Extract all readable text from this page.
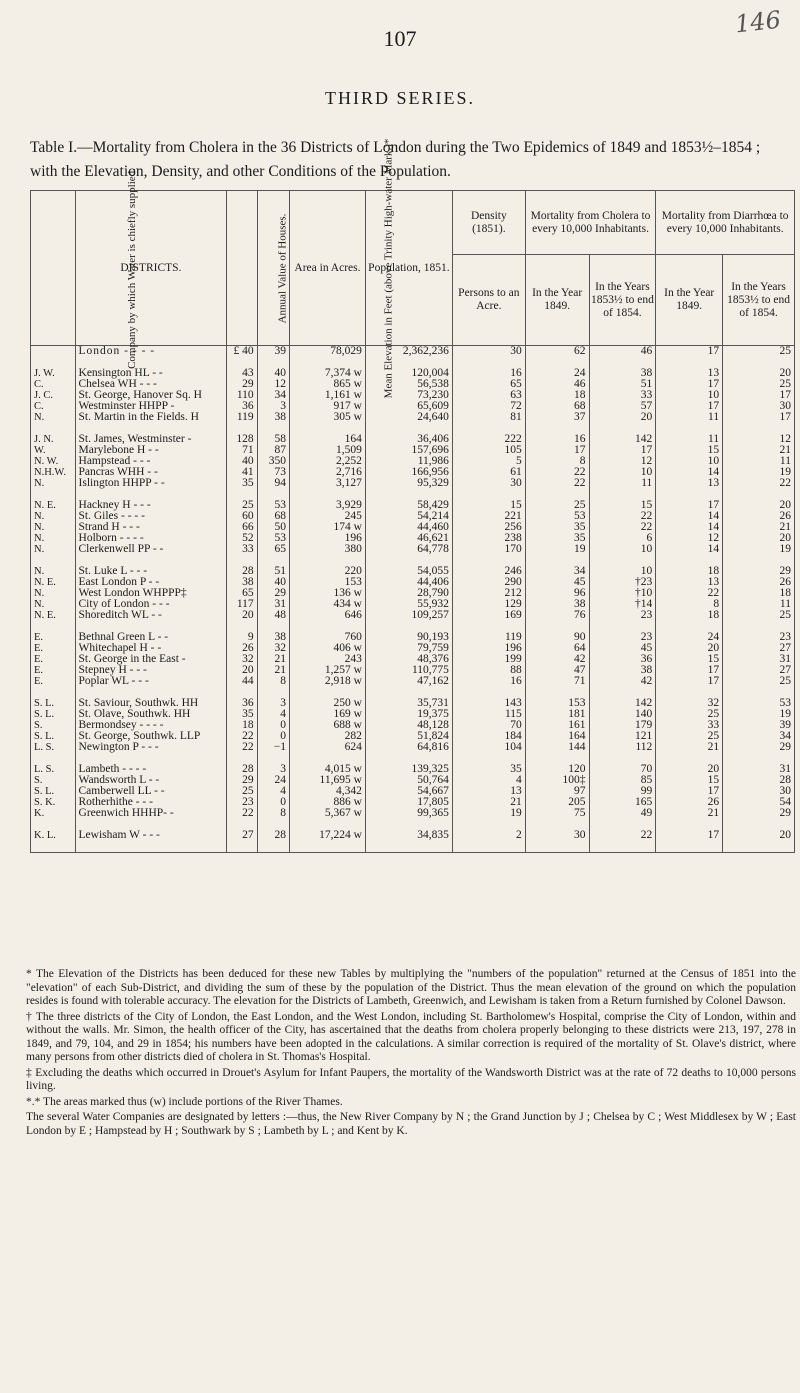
146
107
THIRD SERIES.
Table I.—Mortality from Cholera in the 36 Districts of London during the Two Epidemics of 1849 and 1853½–1854 ; with the Elevation, Density, and other Conditions of the Population.
Company by which Water is chiefly supplied.	DISTRICTS.	Annual Value of Houses.	Mean Elevation in Feet (above Trinity High-water Mark.)*	Area in Acres.	Population, 1851.	Density (1851).	Mortality from Cholera to every 10,000 Inhabitants.		Mortality from Diarrhœa to every 10,000 Inhabitants.	
						Persons to an Acre.	In the Year 1849.	In the Years 1853½ to end of 1854.	In the Year 1849.	In the Years 1853½ to end of 1854.
	London - - - -	£ 40	39	78,029	2,362,236	30	62	46	17	25

J. W.	Kensington HL - -	43	40	7,374 w	120,004	16	24	38	13	20
C.	Chelsea WH - - -	29	12	865 w	56,538	65	46	51	17	25
J. C.	St. George, Hanover Sq. H	110	34	1,161 w	73,230	63	18	33	10	17
C.	Westminster HHPP -	36	3	917 w	65,609	72	68	57	17	30
N.	St. Martin in the Fields. H	119	38	305 w	24,640	81	37	20	11	17

J. N.	St. James, Westminster -	128	58	164	36,406	222	16	142	11	12
W.	Marylebone H - -	71	87	1,509	157,696	105	17	17	15	21
N. W.	Hampstead - - -	40	350	2,252	11,986	5	8	12	10	11
N.H.W.	Pancras WHH - -	41	73	2,716	166,956	61	22	10	14	19
N.	Islington HHPP - -	35	94	3,127	95,329	30	22	11	13	22

N. E.	Hackney H - - -	25	53	3,929	58,429	15	25	15	17	20
N.	St. Giles - - - -	60	68	245	54,214	221	53	22	14	26
N.	Strand H - - -	66	50	174 w	44,460	256	35	22	14	21
N.	Holborn - - - -	52	53	196	46,621	238	35	6	12	20
N.	Clerkenwell PP - -	33	65	380	64,778	170	19	10	14	19

N.	St. Luke L - - -	28	51	220	54,055	246	34	10	18	29
N. E.	East London P - -	38	40	153	44,406	290	45	†23	13	26
N.	West London WHPPP‡	65	29	136 w	28,790	212	96	†10	22	18
N.	City of London - - -	117	31	434 w	55,932	129	38	†14	8	11
N. E.	Shoreditch WL - -	20	48	646	109,257	169	76	23	18	25

E.	Bethnal Green L - -	9	38	760	90,193	119	90	23	24	23
E.	Whitechapel H - -	26	32	406 w	79,759	196	64	45	20	27
E.	St. George in the East -	32	21	243	48,376	199	42	36	15	31
E.	Stepney H - - -	20	21	1,257 w	110,775	88	47	38	17	27
E.	Poplar WL - - -	44	8	2,918 w	47,162	16	71	42	17	25

S. L.	St. Saviour, Southwk. HH	36	3	250 w	35,731	143	153	142	32	53
S. L.	St. Olave, Southwk. HH	35	4	169 w	19,375	115	181	140	25	19
S.	Bermondsey - - - -	18	0	688 w	48,128	70	161	179	33	39
S. L.	St. George, Southwk. LLP	22	0	282	51,824	184	164	121	25	34
L. S.	Newington P - - -	22	−1	624	64,816	104	144	112	21	29

L. S.	Lambeth - - - -	28	3	4,015 w	139,325	35	120	70	20	31
S.	Wandsworth L - -	29	24	11,695 w	50,764	4	100‡	85	15	28
S. L.	Camberwell LL - -	25	4	4,342	54,667	13	97	99	17	30
S. K.	Rotherhithe - - -	23	0	886 w	17,805	21	205	165	26	54
K.	Greenwich HHHP- -	22	8	5,367 w	99,365	19	75	49	21	29

K. L.	Lewisham W - - -	27	28	17,224 w	34,835	2	30	22	17	20

* The Elevation of the Districts has been deduced for these new Tables by multiplying the "numbers of the population" returned at the Census of 1851 into the "elevation" of each Sub-District, and dividing the sum of these by the population of the District. Thus the mean elevation of the ground on which the population resides is found with tolerable accuracy. The elevation for the Districts of Lambeth, Greenwich, and Lewisham is taken from a Return furnished by Colonel Dawson.

† The three districts of the City of London, the East London, and the West London, including St. Bartholomew's Hospital, comprise the City of London, within and without the walls. Mr. Simon, the health officer of the City, has ascertained that the deaths from cholera properly belonging to these districts were 213, 197, 278 in 1849, and 79, 104, and 29 in 1854; his numbers have been adopted in the calculations. A similar correction is required of the mortality of St. Olave's district, where many persons from other districts died of cholera in St. Thomas's Hospital.

‡ Excluding the deaths which occurred in Drouet's Asylum for Infant Paupers, the mortality of the Wandsworth District was at the rate of 72 deaths to 10,000 persons living.

*.* The areas marked thus (w) include portions of the River Thames.

The several Water Companies are designated by letters :—thus, the New River Company by N ; the Grand Junction by J ; Chelsea by C ; West Middlesex by W ; East London by E ; Hampstead by H ; Southwark by S ; Lambeth by L ; and Kent by K.
